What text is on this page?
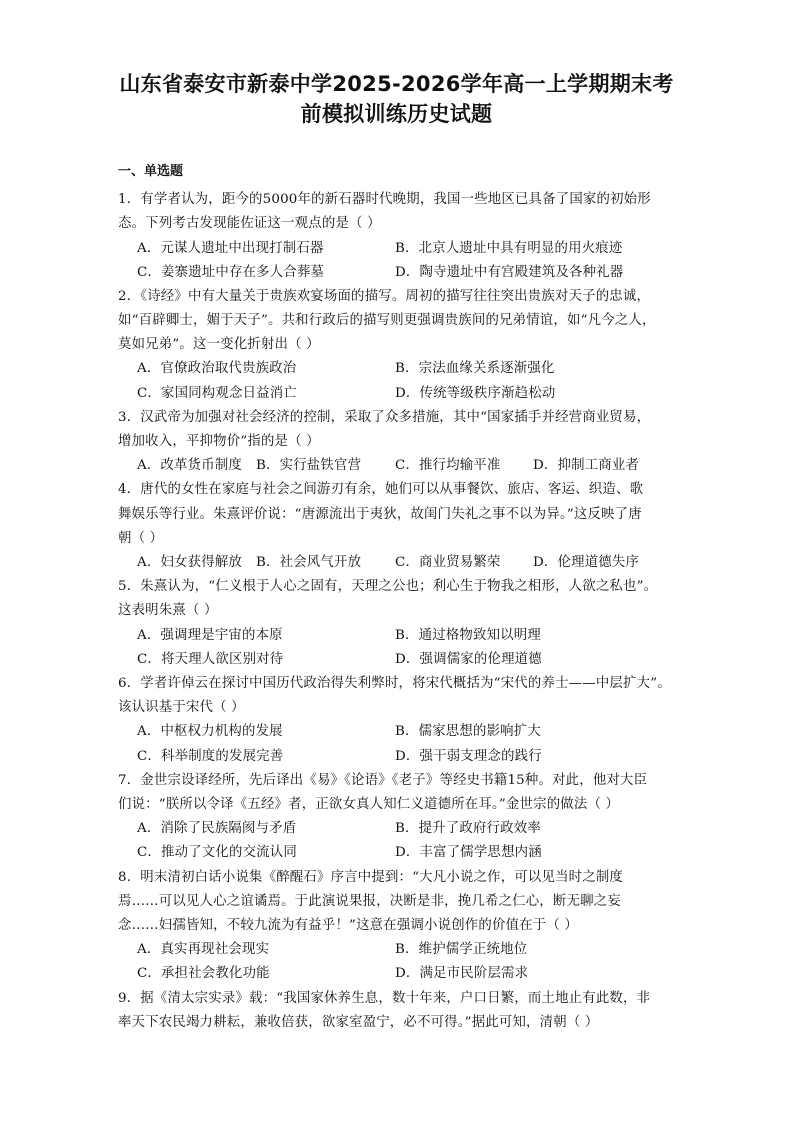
山东省泰安市新泰中学2025-2026学年高一上学期期末考
前模拟训练历史试题
一、单选题
1．有学者认为，距今的5000年的新石器时代晚期，我国一些地区已具备了国家的初始形
态。下列考古发现能佐证这一观点的是（ ）
A．元谋人遗址中出现打制石器	B．北京人遗址中具有明显的用火痕迹
C．姜寨遗址中存在多人合葬墓	D．陶寺遗址中有宫殿建筑及各种礼器
2．《诗经》中有大量关于贵族欢宴场面的描写。周初的描写往往突出贵族对天子的忠诚，
如“百辟卿士，媚于天子”。共和行政后的描写则更强调贵族间的兄弟情谊，如“凡今之人，
莫如兄弟”。这一变化折射出（ ）
A．官僚政治取代贵族政治	B．宗法血缘关系逐渐强化
C．家国同构观念日益消亡	D．传统等级秩序渐趋松动
3．汉武帝为加强对社会经济的控制，采取了众多措施，其中“国家插手并经营商业贸易，
增加收入，平抑物价”指的是（ ）
A．改革货币制度 B．实行盐铁官营	C．推行均输平准 D．抑制工商业者
4．唐代的女性在家庭与社会之间游刃有余，她们可以从事餐饮、旅店、客运、织造、歌
舞娱乐等行业。朱熹评价说：“唐源流出于夷狄，故闺门失礼之事不以为异。”这反映了唐
朝（ ）
A．妇女获得解放 B．社会风气开放	C．商业贸易繁荣 D．伦理道德失序
5．朱熹认为，“仁义根于人心之固有，天理之公也；利心生于物我之相形，人欲之私也”。
这表明朱熹（ ）
A．强调理是宇宙的本原	B．通过格物致知以明理
C．将天理人欲区别对待	D．强调儒家的伦理道德
6．学者许倬云在探讨中国历代政治得失利弊时，将宋代概括为“宋代的养士——中层扩大”。
该认识基于宋代（ ）
A．中枢权力机构的发展	B．儒家思想的影响扩大
C．科举制度的发展完善	D．强干弱支理念的践行
7．金世宗设译经所，先后译出《易》《论语》《老子》等经史书籍15种。对此，他对大臣
们说：“朕所以令译《五经》者，正欲女真人知仁义道德所在耳。”金世宗的做法（ ）
A．消除了民族隔阂与矛盾	B．提升了政府行政效率
C．推动了文化的交流认同	D．丰富了儒学思想内涵
8．明末清初白话小说集《醉醒石》序言中提到：“大凡小说之作，可以见当时之制度
焉……可以见人心之谊谲焉。于此演说果报，决断是非，挽几希之仁心，断无聊之妄
念……妇孺皆知，不较九流为有益乎！”这意在强调小说创作的价值在于（ ）
A．真实再现社会现实	B．维护儒学正统地位
C．承担社会教化功能	D．满足市民阶层需求
9．据《清太宗实录》载：“我国家休养生息，数十年来，户口日繁，而土地止有此数，非
率天下农民竭力耕耘，兼收倍获，欲家室盈宁，必不可得。”据此可知，清朝（ ）
